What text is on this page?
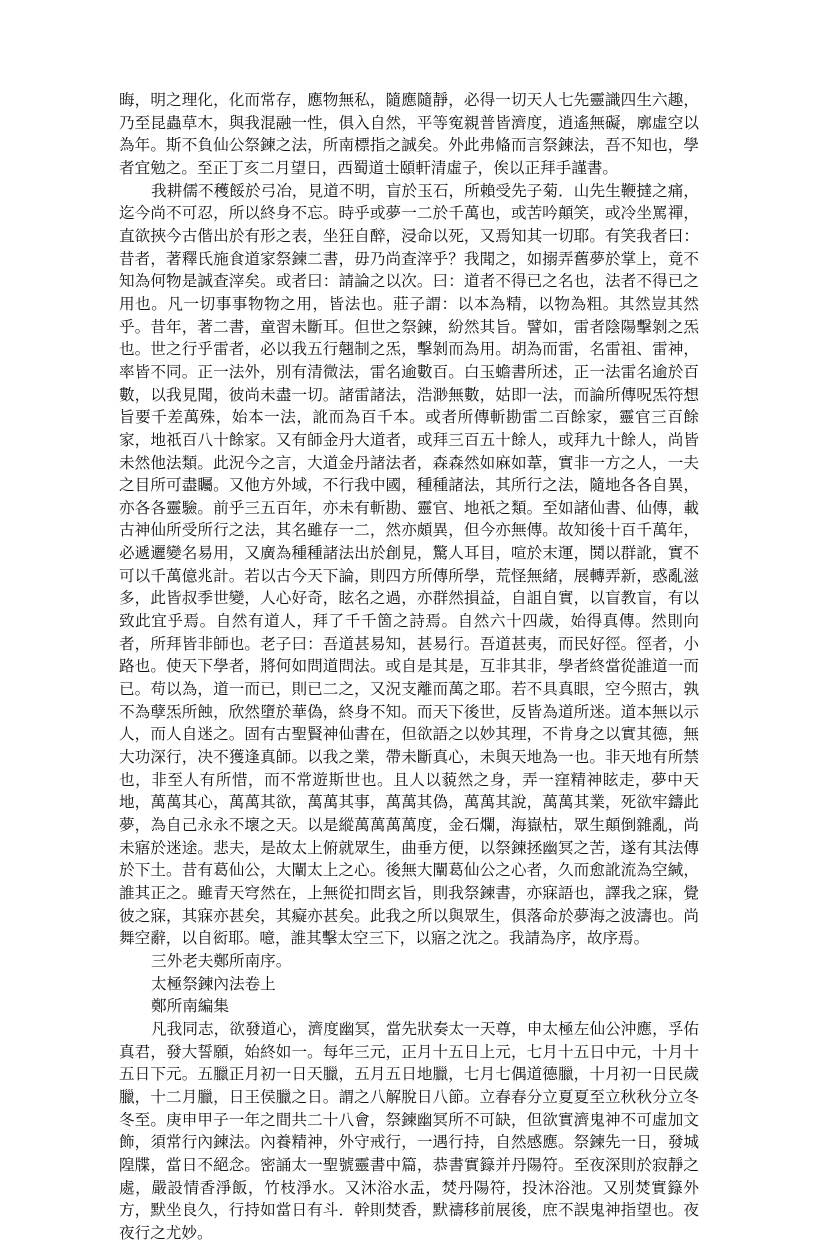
晦，明之理化，化而常存，應物無私，隨應隨靜，必得一切天人七先靈識四生六趣，乃至昆蟲草木，與我混融一性，俱入自然，平等寃親普皆濟度，逍遙無礙，廓虛空以為年。斯不負仙公祭鍊之法，所南標指之誠矣。外此弗偹而言祭鍊法，吾不知也，學者宜勉之。至正丁亥二月望日，西蜀道士頤軒清虛子，俟以正拜手謹書。

我耕儒不穫餒於弓冶，見道不明，盲於玉石，所賴受先子菊．山先生鞭撻之痛，迄今尚不可忍，所以終身不忘。時乎或夢一二於千萬也，或苦吟顛笑，或冷坐罵禪，直欲挾今古偕出於有形之表，坐狂自醉，浸命以死，又焉知其一切耶。有笑我者曰：昔者，著釋氏施食道家祭鍊二書，毋乃尚查滓乎？我聞之，如搦弄舊夢於掌上，竟不知為何物是誠查滓矣。或者曰：請論之以次。曰：道者不得已之名也，法者不得已之用也。凡一切事事物物之用，皆法也。莊子謂：以本為精，以物為粗。其然豈其然乎。昔年，著二書，童習未斷耳。但世之祭鍊，紛然其旨。譬如，雷者陰陽擊剝之炁也。世之行乎雷者，必以我五行翹制之炁，擊剝而為用。胡為而雷，名雷祖、雷神，率皆不同。正一法外，別有清微法，雷名逾數百。白玉蟾書所述，正一法雷名逾於百數，以我見聞，彼尚未盡一切。諸雷諸法，浩渺無數，姑即一法，而論所傳呪炁符想旨要千差萬殊，始本一法，訛而為百千本。或者所傳斬勘雷二百餘家，靈官三百餘家，地祇百八十餘家。又有師金丹大道者，或拜三百五十餘人，或拜九十餘人，尚皆未然他法類。此況今之言，大道金丹諸法者，森森然如麻如葦，實非一方之人，一夫之目所可盡矚。又他方外域，不行我中國，種種諸法，其所行之法，隨地各各自異，亦各各靈驗。前乎三五百年，亦未有斬勘、靈官、地祇之類。至如諸仙書、仙傳，載古神仙所受所行之法，其名雖存一二，然亦頗異，但今亦無傳。故知後十百千萬年，必遞邐變名易用，又廣為種種諸法出於創見，驚人耳目，喧於末運，鬨以群訛，實不可以千萬億兆計。若以古今天下論，則四方所傳所學，荒怪無緒，展轉弄新，惑亂滋多，此皆叔季世變，人心好奇，眩名之過，亦群然損益，自詛自實，以盲教盲，有以致此宜乎焉。自然有道人，拜了千千箇之詩焉。自然六十四歲，始得真傳。然則向者，所拜皆非師也。老子曰：吾道甚易知，甚易行。吾道甚夷，而民好徑。徑者，小路也。使天下學者，將何如問道問法。或自是其是，互非其非，學者終當從誰道一而已。苟以為，道一而已，則已二之，又況支離而萬之耶。若不具真眼，空今照古，孰不為孽炁所蝕，欣然墮於華偽，終身不知。而天下後世，反皆為道所迷。道本無以示人，而人自迷之。固有古聖賢神仙書在，但欲語之以妙其理，不肯身之以實其德，無大功深行，决不獲逢真師。以我之業，帶未斷真心，未與天地為一也。非天地有所禁也，非至人有所惜，而不常遊斯世也。且人以藐然之身，弄一窪精神眩走，夢中天地，萬萬其心，萬萬其欲，萬萬其事，萬萬其偽，萬萬其說，萬萬其業，死欲牢鑄此夢，為自己永永不壞之天。以是縱萬萬萬萬度，金石爛，海嶽枯，眾生顛倒雜亂，尚未寤於迷途。悲夫，是故太上俯就眾生，曲垂方便，以祭鍊拯幽冥之苦，遂有其法傳於下土。昔有葛仙公，大闡太上之心。後無大闡葛仙公之心者，久而愈訛流為空緘，誰其正之。雖青天穹然在，上無從扣問玄旨，則我祭鍊書，亦寐語也，譯我之寐，覺彼之寐，其寐亦甚矣，其癡亦甚矣。此我之所以與眾生，俱落命於夢海之波濤也。尚舞空辭，以自衒耶。噫，誰其擊太空三下，以寤之沈之。我請為序，故序焉。

三外老夫鄭所南序。

太極祭鍊內法卷上

鄭所南編集

凡我同志，欲發道心，濟度幽冥，當先狀奏太一天尊，申太極左仙公沖應，孚佑真君，發大誓願，始終如一。每年三元，正月十五日上元，七月十五日中元，十月十五日下元。五臘正月初一日天臘，五月五日地臘，七月七偶道德臘，十月初一日民歲臘，十二月臘，日王侯臘之日。謂之八解脫日八節。立春春分立夏夏至立秋秋分立冬冬至。庚申甲子一年之間共二十八會，祭鍊幽冥所不可缺，但欲實濟鬼神不可虛加文飾，須常行內鍊法。內養精神，外守戒行，一遇行持，自然感應。祭鍊先一日，發城隍牒，當日不絕念。密誦太一聖號靈書中篇，恭書實籙并丹陽符。至夜深則於寂靜之處，嚴設情香淨飯，竹枝淨水。又沐浴水盂，焚丹陽符，投沐浴池。又別焚實籙外方，默坐良久，行持如當日有斗．幹則焚香，默禱移前展後，庶不誤鬼神指望也。夜夜行之尤妙。
